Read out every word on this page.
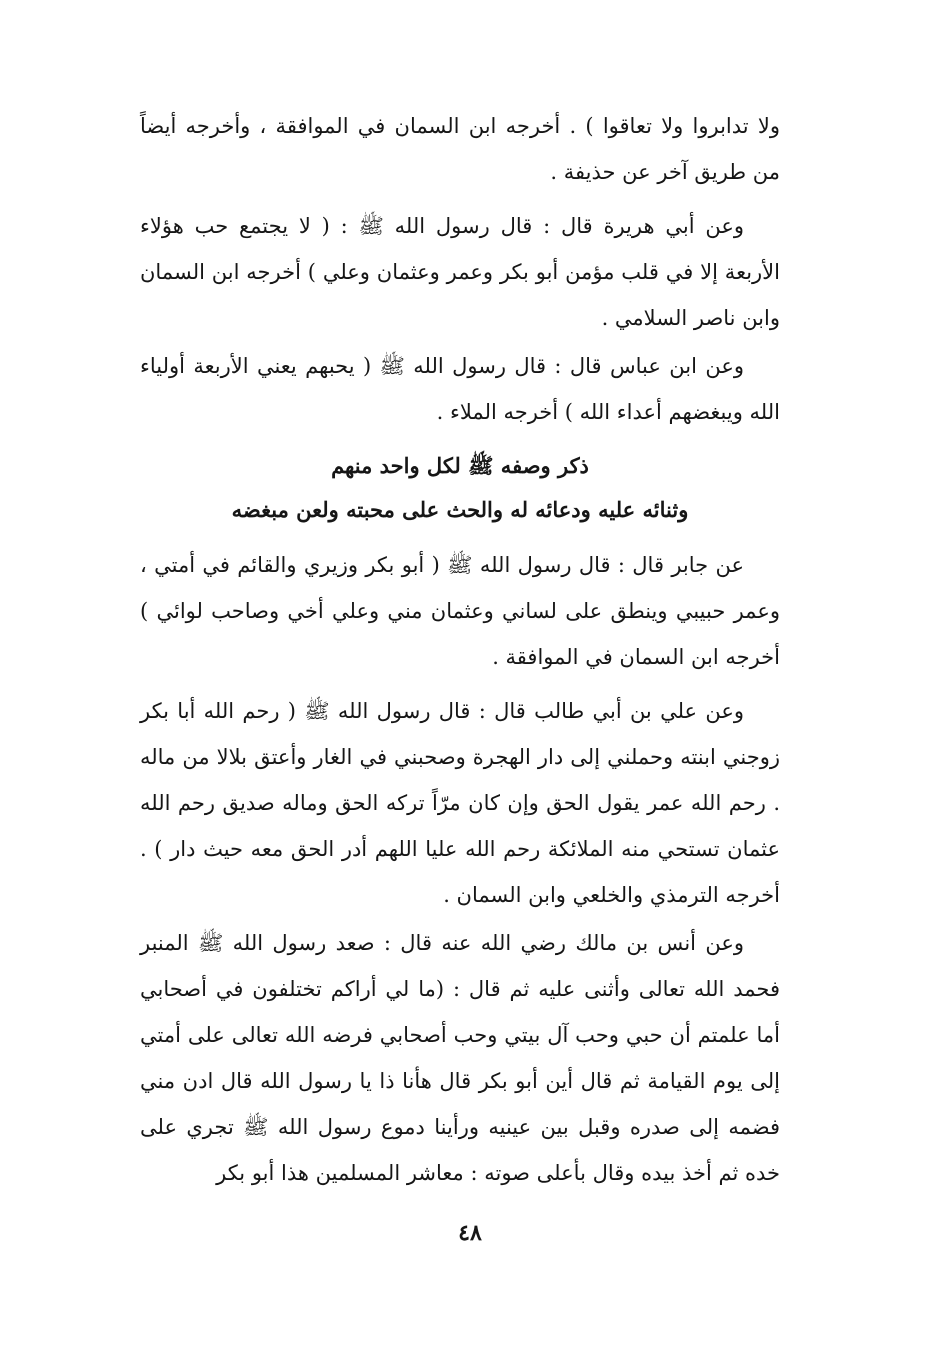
ولا تدابروا ولا تعاقوا ) . أخرجه ابن السمان في الموافقة ، وأخرجه أيضاً من طريق آخر عن حذيفة .

وعن أبي هريرة قال : قال رسول الله ﷺ : ( لا يجتمع حب هؤلاء الأربعة إلا في قلب مؤمن أبو بكر وعمر وعثمان وعلي ) أخرجه ابن السمان وابن ناصر السلامي .

وعن ابن عباس قال : قال رسول الله ﷺ ( يحبهم يعني الأربعة أولياء الله ويبغضهم أعداء الله ) أخرجه الملاء .

ذكر وصفه ﷺ لكل واحد منهم
وثنائه عليه ودعائه له والحث على محبته ولعن مبغضه

عن جابر قال : قال رسول الله ﷺ ( أبو بكر وزيري والقائم في أمتي ، وعمر حبيبي وينطق على لساني وعثمان مني وعلي أخي وصاحب لوائي ) أخرجه ابن السمان في الموافقة .

وعن علي بن أبي طالب قال : قال رسول الله ﷺ ( رحم الله أبا بكر زوجني ابنته وحملني إلى دار الهجرة وصحبني في الغار وأعتق بلالا من ماله . رحم الله عمر يقول الحق وإن كان مرّاً تركه الحق وماله صديق رحم الله عثمان تستحي منه الملائكة رحم الله عليا اللهم أدر الحق معه حيث دار ) . أخرجه الترمذي والخلعي وابن السمان .

وعن أنس بن مالك رضي الله عنه قال : صعد رسول الله ﷺ المنبر فحمد الله تعالى وأثنى عليه ثم قال : (ما لي أراكم تختلفون في أصحابي أما علمتم أن حبي وحب آل بيتي وحب أصحابي فرضه الله تعالى على أمتي إلى يوم القيامة ثم قال أين أبو بكر قال هأنا ذا يا رسول الله قال ادن مني فضمه إلى صدره وقبل بين عينيه ورأينا دموع رسول الله ﷺ تجري على خده ثم أخذ بيده وقال بأعلى صوته : معاشر المسلمين هذا أبو بكر

٤٨
